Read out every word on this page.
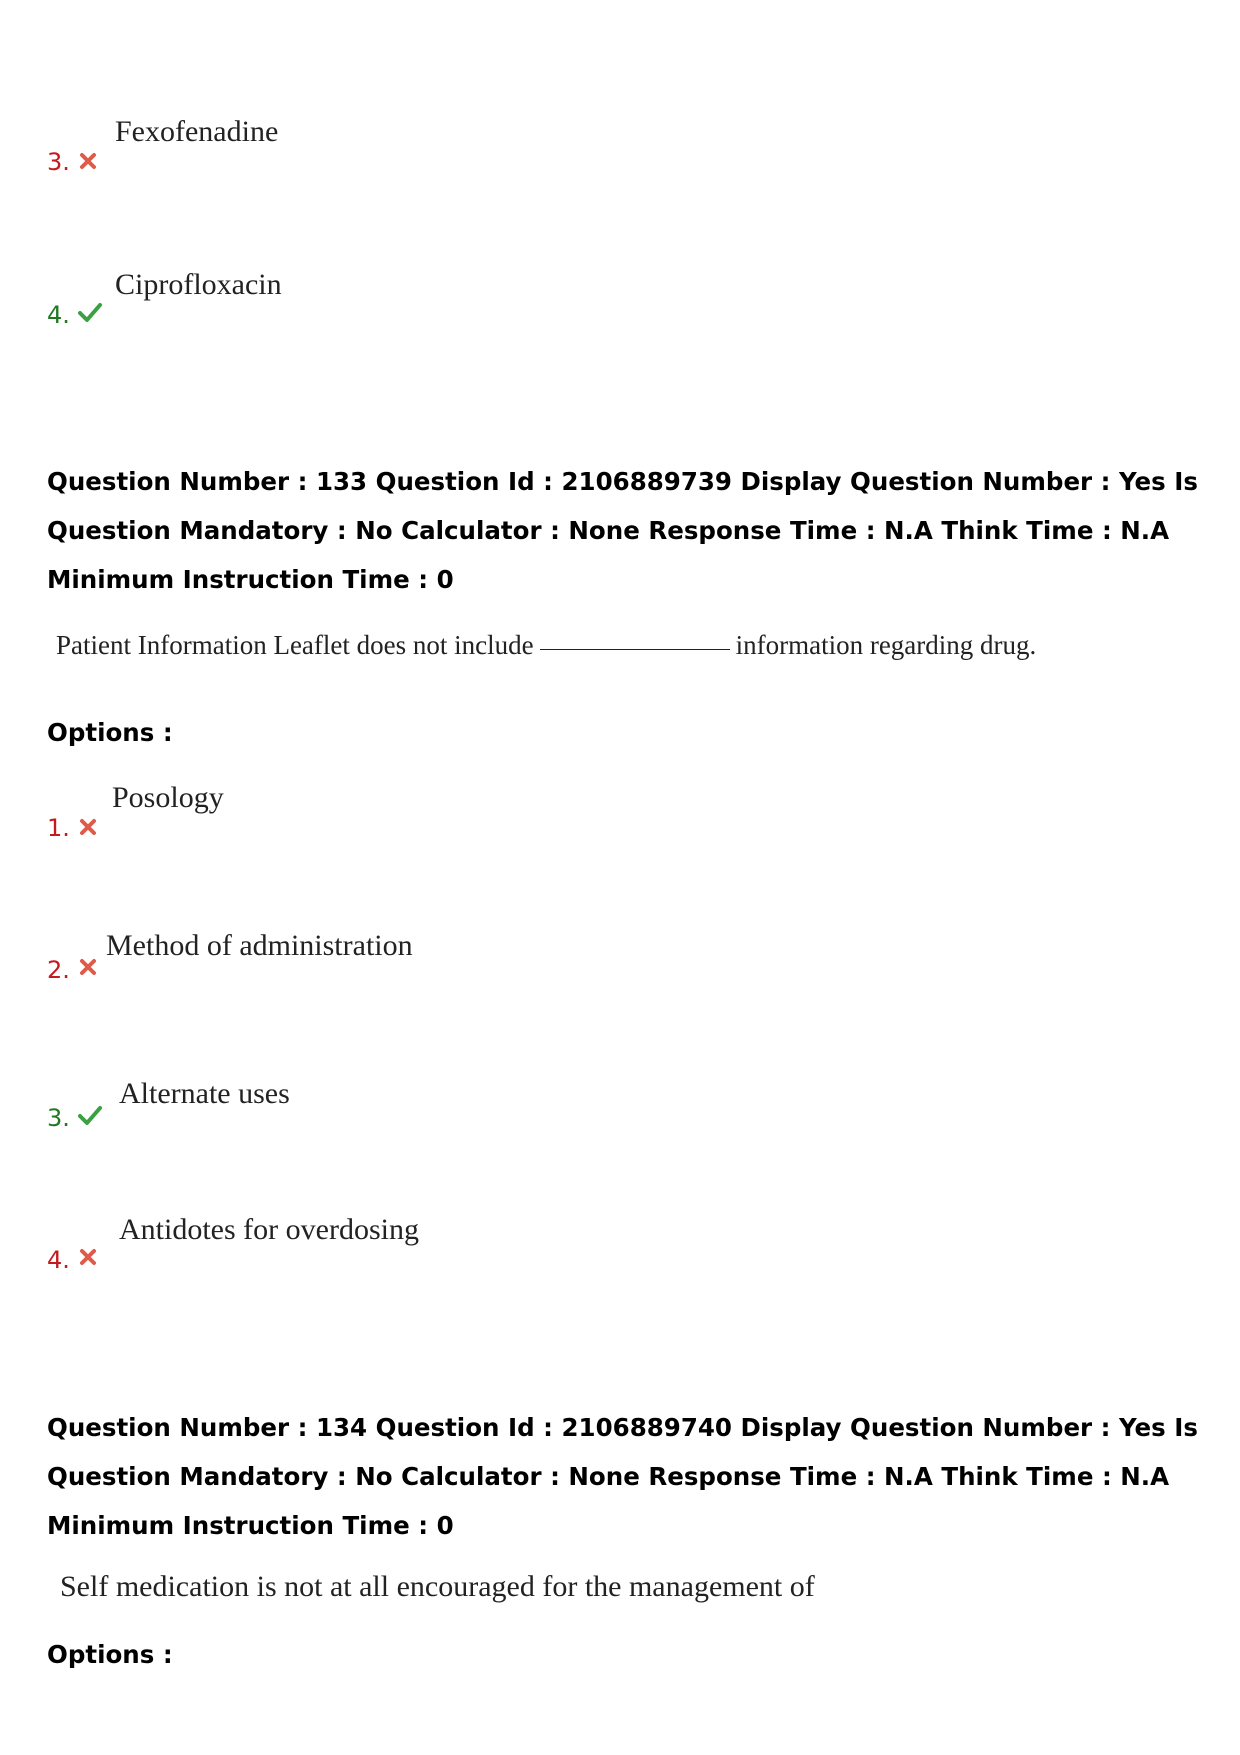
3.
Fexofenadine
4.
Ciprofloxacin
Question Number : 133 Question Id : 2106889739 Display Question Number : Yes Is Question Mandatory : No Calculator : None Response Time : N.A Think Time : N.A Minimum Instruction Time : 0
Patient Information Leaflet does not include	information regarding drug.
Options :
1.
Posology
2.
Method of administration
3.
Alternate uses
4.
Antidotes for overdosing
Question Number : 134 Question Id : 2106889740 Display Question Number : Yes Is Question Mandatory : No Calculator : None Response Time : N.A Think Time : N.A Minimum Instruction Time : 0
Self medication is not at all encouraged for the management of
Options :
